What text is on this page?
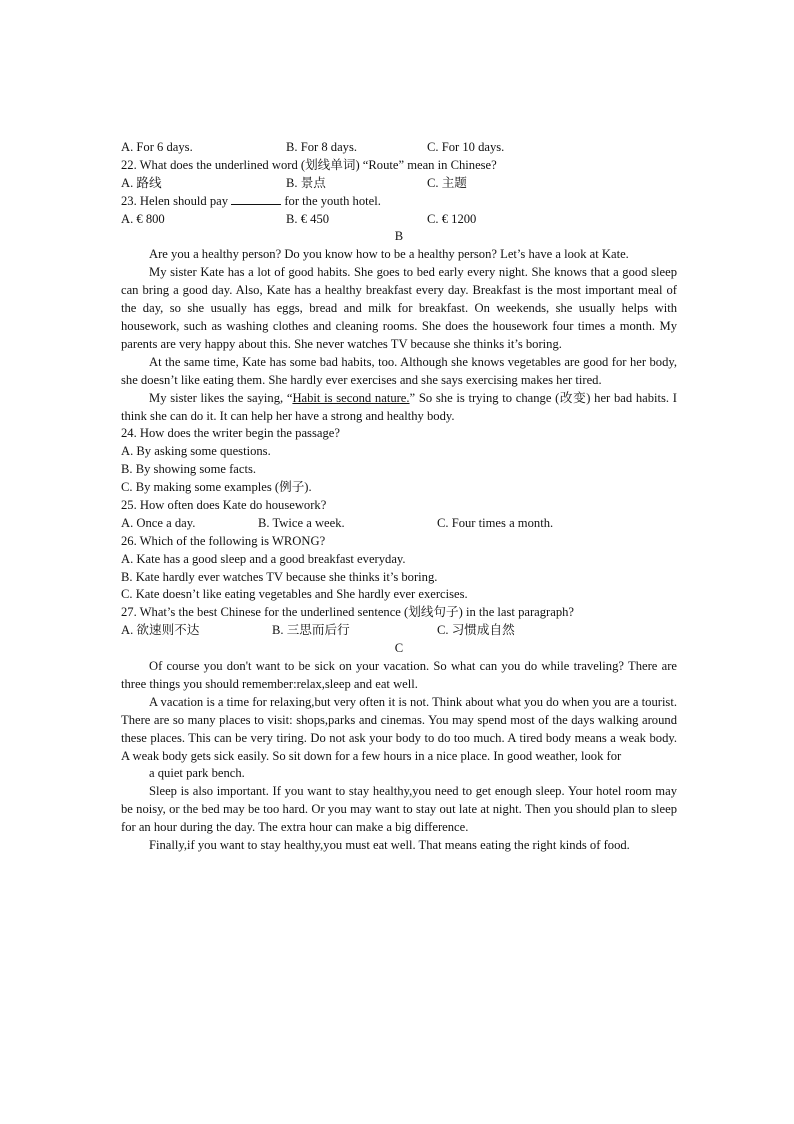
A. For 6 days.	B. For 8 days.	C. For 10 days.
22. What does the underlined word (划线单词) “Route” mean in Chinese?
A. 路线	B. 景点	C. 主题
23. Helen should pay	for the youth hotel.
A. € 800	B. € 450	C. € 1200
B

Are you a healthy person? Do you know how to be a healthy person? Let’s have a look at Kate.

My sister Kate has a lot of good habits. She goes to bed early every night. She knows that a good sleep can bring a good day. Also, Kate has a healthy breakfast every day. Breakfast is the most important meal of the day, so she usually has eggs, bread and milk for breakfast. On weekends, she usually helps with housework, such as washing clothes and cleaning rooms. She does the housework four times a month. My parents are very happy about this. She never watches TV because she thinks it’s boring.

At the same time, Kate has some bad habits, too. Although she knows vegetables are good for her body, she doesn’t like eating them. She hardly ever exercises and she says exercising makes her tired.

My sister likes the saying, “Habit is second nature.” So she is trying to change (改变) her bad habits. I think she can do it. It can help her have a strong and healthy body.

24. How does the writer begin the passage?
A. By asking some questions.
B. By showing some facts.
C. By making some examples (例子).
25. How often does Kate do housework?
A. Once a day.	B. Twice a week.	C. Four times a month.
26. Which of the following is WRONG?
A. Kate has a good sleep and a good breakfast everyday.
B. Kate hardly ever watches TV because she thinks it’s boring.
C. Kate doesn’t like eating vegetables and She hardly ever exercises.
27. What’s the best Chinese for the underlined sentence (划线句子) in the last paragraph?
A. 欲速则不达	B. 三思而后行	C. 习惯成自然
C

Of course you don't want to be sick on your vacation. So what can you do while traveling? There are three things you should remember:relax,sleep and eat well.

A vacation is a time for relaxing,but very often it is not. Think about what you do when you are a tourist. There are so many places to visit: shops,parks and cinemas. You may spend most of the days walking around these places. This can be very tiring. Do not ask your body to do too much. A tired body means a weak body. A weak body gets sick easily. So sit down for a few hours in a nice place. In good weather, look for

a quiet park bench.

Sleep is also important. If you want to stay healthy,you need to get enough sleep. Your hotel room may be noisy, or the bed may be too hard. Or you may want to stay out late at night. Then you should plan to sleep for an hour during the day. The extra hour can make a big difference.

Finally,if you want to stay healthy,you must eat well. That means eating the right kinds of food.
